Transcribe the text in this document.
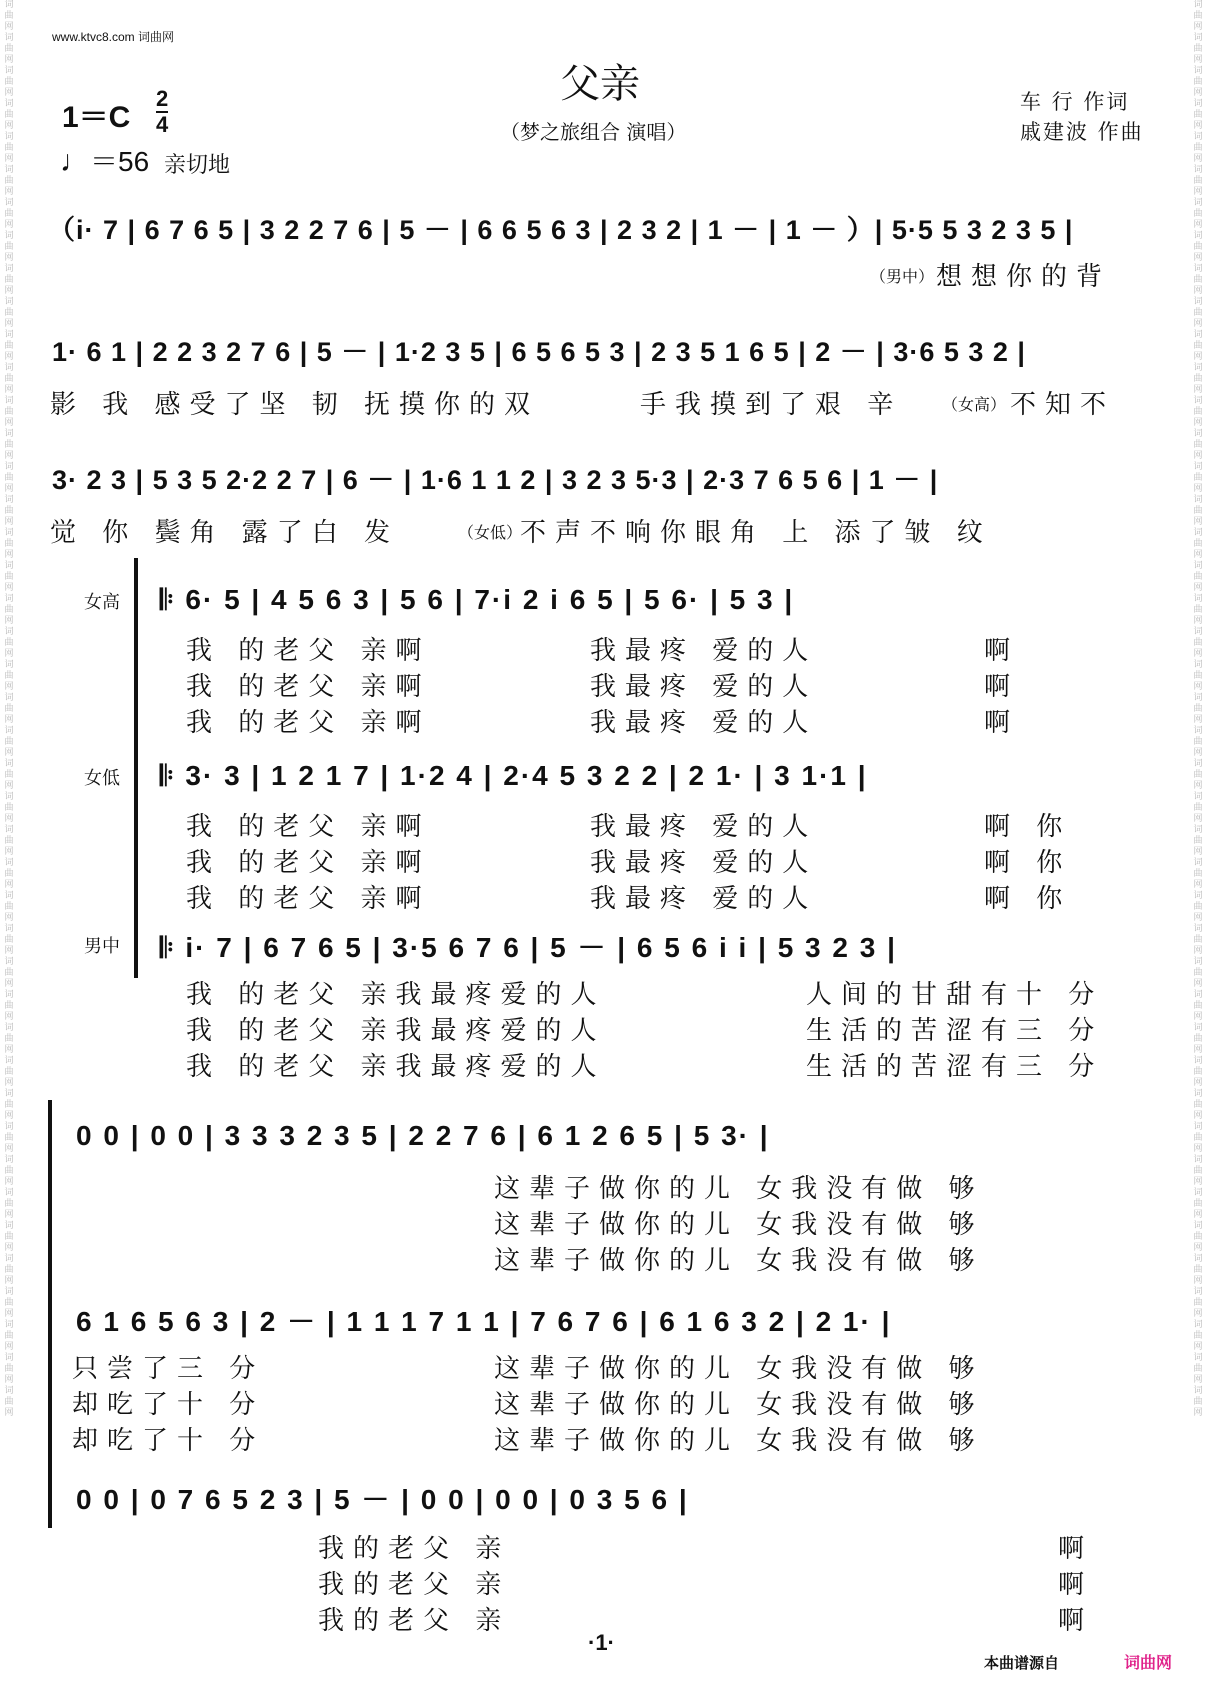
词曲网词曲网词曲网词曲网词曲网词曲网词曲网词曲网词曲网词曲网词曲网词曲网词曲网词曲网词曲网词曲网词曲网词曲网词曲网词曲网词曲网词曲网词曲网词曲网词曲网词曲网词曲网词曲网词曲网词曲网词曲网词曲网词曲网词曲网词曲网词曲网词曲网词曲网词曲网词曲网词曲网词曲网词曲网
词曲网词曲网词曲网词曲网词曲网词曲网词曲网词曲网词曲网词曲网词曲网词曲网词曲网词曲网词曲网词曲网词曲网词曲网词曲网词曲网词曲网词曲网词曲网词曲网词曲网词曲网词曲网词曲网词曲网词曲网词曲网词曲网词曲网词曲网词曲网词曲网词曲网词曲网词曲网词曲网词曲网词曲网词曲网
www.ktvc8.com 词曲网
父亲
1＝C
2
4
♩＝56 亲切地
（梦之旅组合 演唱）
车 行 作词
戚建波 作曲
（i· 7 | 6 7 6 5 | 3 2 2 7 6 | 5 － | 6 6 5 6 3 | 2 3 2 | 1 － | 1 － ）| 5·5 5 3 2 3 5 |
（男中） 想想你的背
1· 6 1 | 2 2 3 2 7 6 | 5 － | 1·2 3 5 | 6 5 6 5 3 | 2 3 5 1 6 5 | 2 － | 3·6 5 3 2 |
影 我 感受了坚 韧 抚摸你的双	手我摸到了艰 辛 （女高） 不知不
3· 2 3 | 5 3 5 2·2 2 7 | 6 － | 1·6 1 1 2 | 3 2 3 5·3 | 2·3 7 6 5 6 | 1 － |
觉 你 鬓角 露了白 发	（女低）
不声不响你眼角 上 添了皱 纹
女高
女低
男中
𝄆 6· 5 | 4 5 6 3 | 5 6 | 7·i 2 i 6 5 | 5 6· | 5 3 |
我 的老父 亲啊
我 的老父 亲啊
我 的老父 亲啊
我最疼 爱的人
我最疼 爱的人
我最疼 爱的人
啊
啊
啊
𝄆 3· 3 | 1 2 1 7 | 1·2 4 | 2·4 5 3 2 2 | 2 1· | 3 1·1 |
我 的老父 亲啊
我 的老父 亲啊
我 的老父 亲啊
我最疼 爱的人
我最疼 爱的人
我最疼 爱的人
啊 你
啊 你
啊 你
𝄆 i· 7 | 6 7 6 5 | 3·5 6 7 6 | 5 － | 6 5 6 i i | 5 3 2 3 |
我 的老父 亲我最疼爱的人
我 的老父 亲我最疼爱的人
我 的老父 亲我最疼爱的人
人间的甘甜有十 分
生活的苦涩有三 分
生活的苦涩有三 分
0 0 | 0 0 | 3 3 3 2 3 5 | 2 2 7 6 | 6 1 2 6 5 | 5 3· |
这辈子做你的儿 女我没有做 够
这辈子做你的儿 女我没有做 够
这辈子做你的儿 女我没有做 够
6 1 6 5 6 3 | 2 － | 1 1 1 7 1 1 | 7 6 7 6 | 6 1 6 3 2 | 2 1· |
只尝了三 分
却吃了十 分
却吃了十 分
这辈子做你的儿 女我没有做 够
这辈子做你的儿 女我没有做 够
这辈子做你的儿 女我没有做 够
0 0 | 0 7 6 5 2 3 | 5 － | 0 0 | 0 0 | 0 3 5 6 |
我的老父 亲
我的老父 亲
我的老父 亲
啊
啊
啊
·1·
本曲谱源自	词曲网
